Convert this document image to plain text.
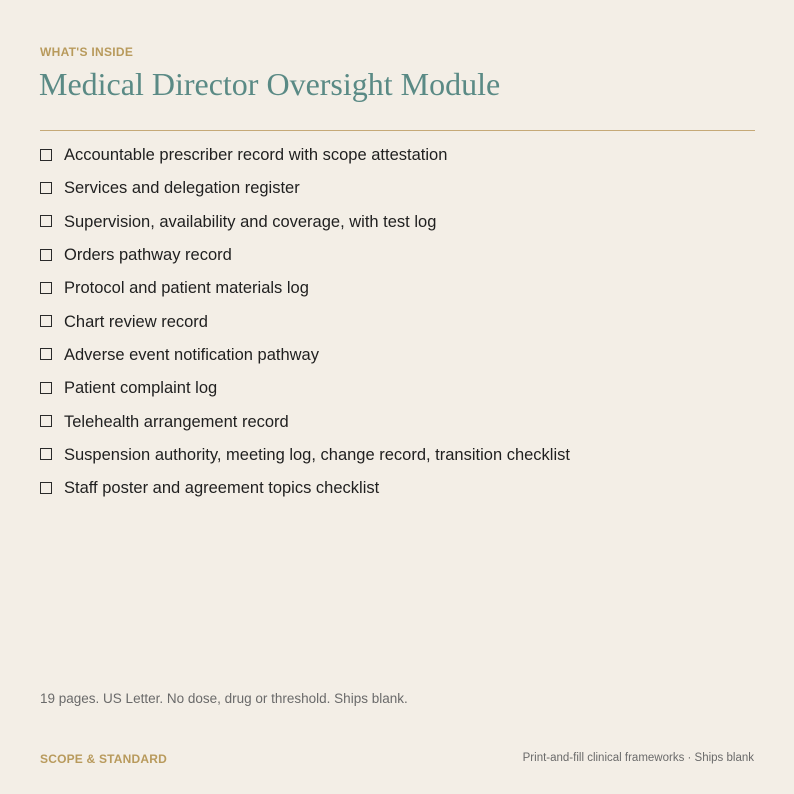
WHAT'S INSIDE
Medical Director Oversight Module
Accountable prescriber record with scope attestation
Services and delegation register
Supervision, availability and coverage, with test log
Orders pathway record
Protocol and patient materials log
Chart review record
Adverse event notification pathway
Patient complaint log
Telehealth arrangement record
Suspension authority, meeting log, change record, transition checklist
Staff poster and agreement topics checklist
19 pages. US Letter. No dose, drug or threshold. Ships blank.
SCOPE & STANDARD	Print-and-fill clinical frameworks · Ships blank
